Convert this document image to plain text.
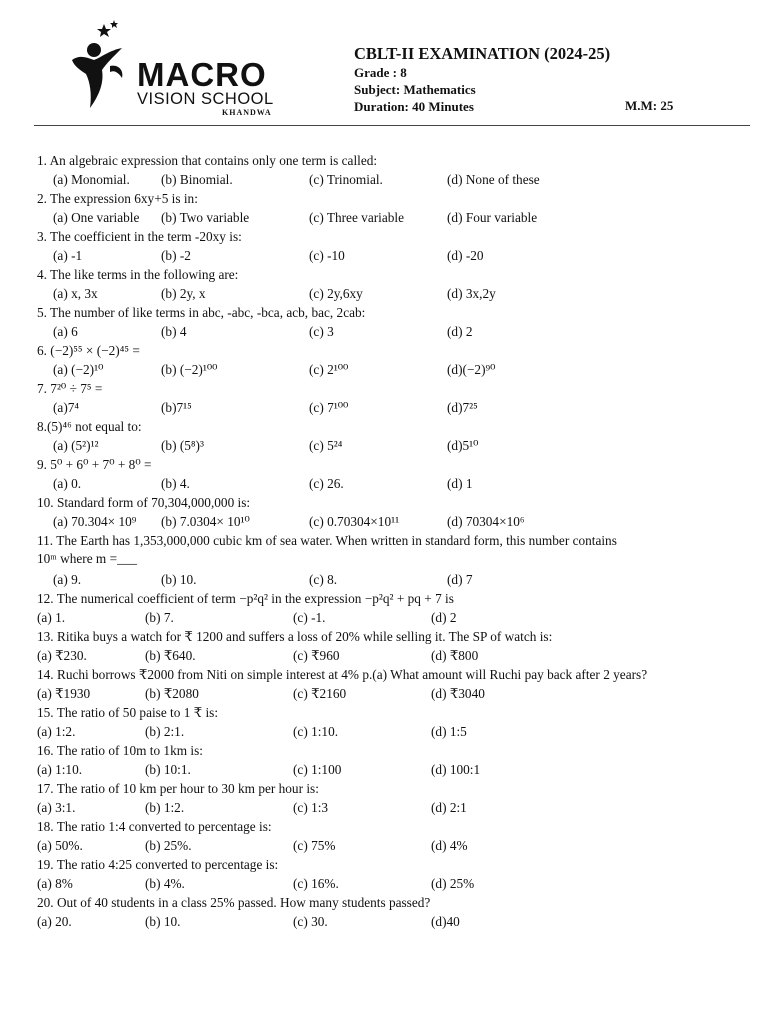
MACRO
VISION SCHOOL
KHANDWA
CBLT-II EXAMINATION (2024-25)
Grade : 8
Subject: Mathematics
Duration: 40 Minutes	M.M: 25
1. An algebraic expression that contains only one term is called:
(a) Monomial. (b) Binomial.	(c) Trinomial.	(d) None of these
2. The expression 6xy+5 is in:
(a) One variable (b) Two variable	(c) Three variable	(d) Four variable
3. The coefficient in the term -20xy is:
(a) -1	(b) -2	(c) -10	(d) -20
4. The like terms in the following are:
(a) x, 3x	(b) 2y, x	(c) 2y,6xy	(d) 3x,2y
5. The number of like terms in abc, -abc, -bca, acb, bac, 2cab:
(a) 6	(b) 4	(c) 3	(d) 2
6. (−2)⁵⁵ × (−2)⁴⁵ =
(a) (−2)¹⁰	(b) (−2)¹⁰⁰	(c) 2¹⁰⁰	(d)(−2)⁹⁰
7. 7²⁰ ÷ 7⁵ =
(a)7⁴	(b)7¹⁵	(c) 7¹⁰⁰	(d)7²⁵
8.(5)⁴⁶ not equal to:
(a) (5²)¹²	(b) (5⁸)³	(c) 5²⁴	(d)5¹⁰
9. 5⁰ + 6⁰ + 7⁰ + 8⁰ =
(a) 0.	(b) 4.	(c) 26.	(d) 1
10. Standard form of 70,304,000,000 is:
(a) 70.304× 10⁹ (b) 7.0304× 10¹⁰	(c) 0.70304×10¹¹	(d) 70304×10⁶
11. The Earth has 1,353,000,000 cubic km of sea water. When written in standard form, this number contains
10ᵐ where m =___
(a) 9.	(b) 10.	(c) 8.	(d) 7
12. The numerical coefficient of term −p²q² in the expression −p²q² + pq + 7 is
(a) 1.	(b) 7.	(c) -1.	(d) 2
13. Ritika buys a watch for ₹ 1200 and suffers a loss of 20% while selling it. The SP of watch is:
(a) ₹230.	(b) ₹640.	(c) ₹960	(d) ₹800
14. Ruchi borrows ₹2000 from Niti on simple interest at 4% p.(a) What amount will Ruchi pay back after 2 years?
(a) ₹1930	(b) ₹2080	(c) ₹2160	(d) ₹3040
15. The ratio of 50 paise to 1 ₹ is:
(a) 1:2.	(b) 2:1.	(c) 1:10.	(d) 1:5
16. The ratio of 10m to 1km is:
(a) 1:10.	(b) 10:1.	(c) 1:100	(d) 100:1
17. The ratio of 10 km per hour to 30 km per hour is:
(a) 3:1.	(b) 1:2.	(c) 1:3	(d) 2:1
18. The ratio 1:4 converted to percentage is:
(a) 50%.	(b) 25%.	(c) 75%	(d) 4%
19. The ratio 4:25 converted to percentage is:
(a) 8%	(b) 4%.	(c) 16%.	(d) 25%
20. Out of 40 students in a class 25% passed. How many students passed?
(a) 20.	(b) 10.	(c) 30.	(d)40
